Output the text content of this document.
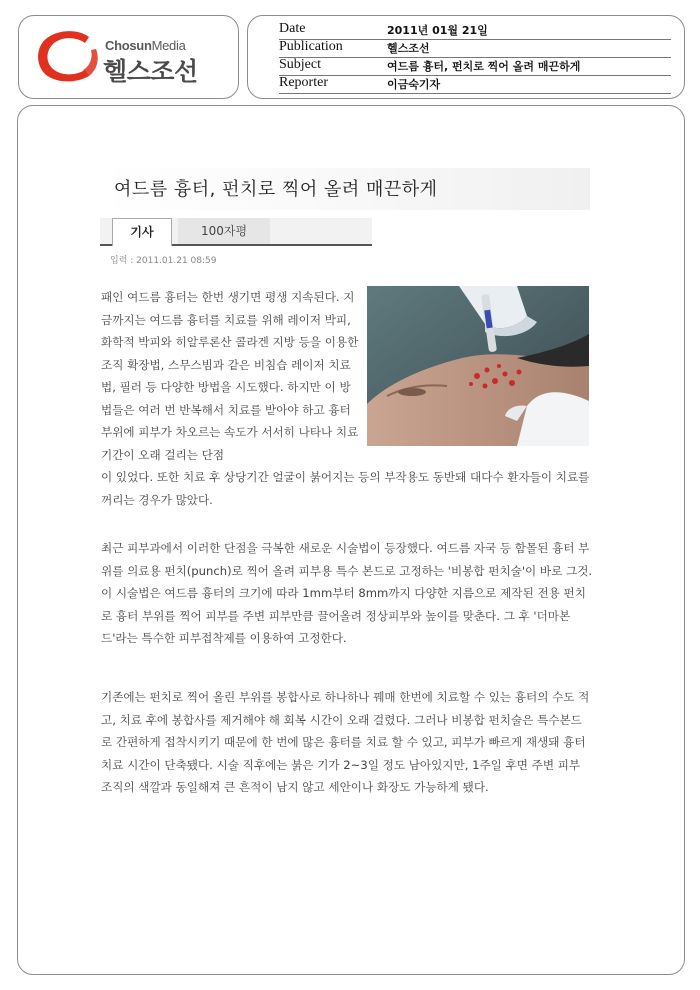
ChosunMedia
헬스조선
Date	2011년 01월 21일
Publication	헬스조선
Subject	여드름 흉터, 펀치로 찍어 올려 매끈하게
Reporter	이금숙기자
여드름 흉터, 펀치로 찍어 올려 매끈하게
기사	100자평
입력 : 2011.01.21 08:59

패인 여드름 흉터는 한번 생기면 평생 지속된다. 지금까지는 여드름 흉터를 치료를 위해 레이저 박피, 화학적 박피와 히알루론산 콜라겐 지방 등을 이용한 조직 확장법, 스무스빔과 같은 비침습 레이저 치료법, 필러 등 다양한 방법을 시도했다. 하지만 이 방법들은 여러 번 반복해서 치료를 받아야 하고 흉터 부위에 피부가 차오르는 속도가 서서히 나타나 치료기간이 오래 걸리는 단점

이 있었다. 또한 치료 후 상당기간 얼굴이 붉어지는 등의 부작용도 동반돼 대다수 환자들이 치료를 꺼리는 경우가 많았다.

최근 피부과에서 이러한 단점을 극복한 새로운 시술법이 등장했다. 여드름 자국 등 함몰된 흉터 부위를 의료용 펀치(punch)로 찍어 올려 피부용 특수 본드로 고정하는 '비봉합 펀치술'이 바로 그것. 이 시술법은 여드름 흉터의 크기에 따라 1mm부터 8mm까지 다양한 지름으로 제작된 전용 펀치로 흉터 부위를 찍어 피부를 주변 피부만큼 끌어올려 정상피부와 높이를 맞춘다. 그 후 '더마본드'라는 특수한 피부접착제를 이용하여 고정한다.

기존에는 펀치로 찍어 올린 부위를 봉합사로 하나하나 꿰매 한번에 치료할 수 있는 흉터의 수도 적고, 치료 후에 봉합사를 제거해야 해 회복 시간이 오래 걸렸다. 그러나 비봉합 펀치술은 특수본드로 간편하게 접착시키기 때문에 한 번에 많은 흉터를 치료 할 수 있고, 피부가 빠르게 재생돼 흉터 치료 시간이 단축됐다. 시술 직후에는 붉은 기가 2~3일 정도 남아있지만, 1주일 후면 주변 피부 조직의 색깔과 동일해져 큰 흔적이 남지 않고 세안이나 화장도 가능하게 됐다.
